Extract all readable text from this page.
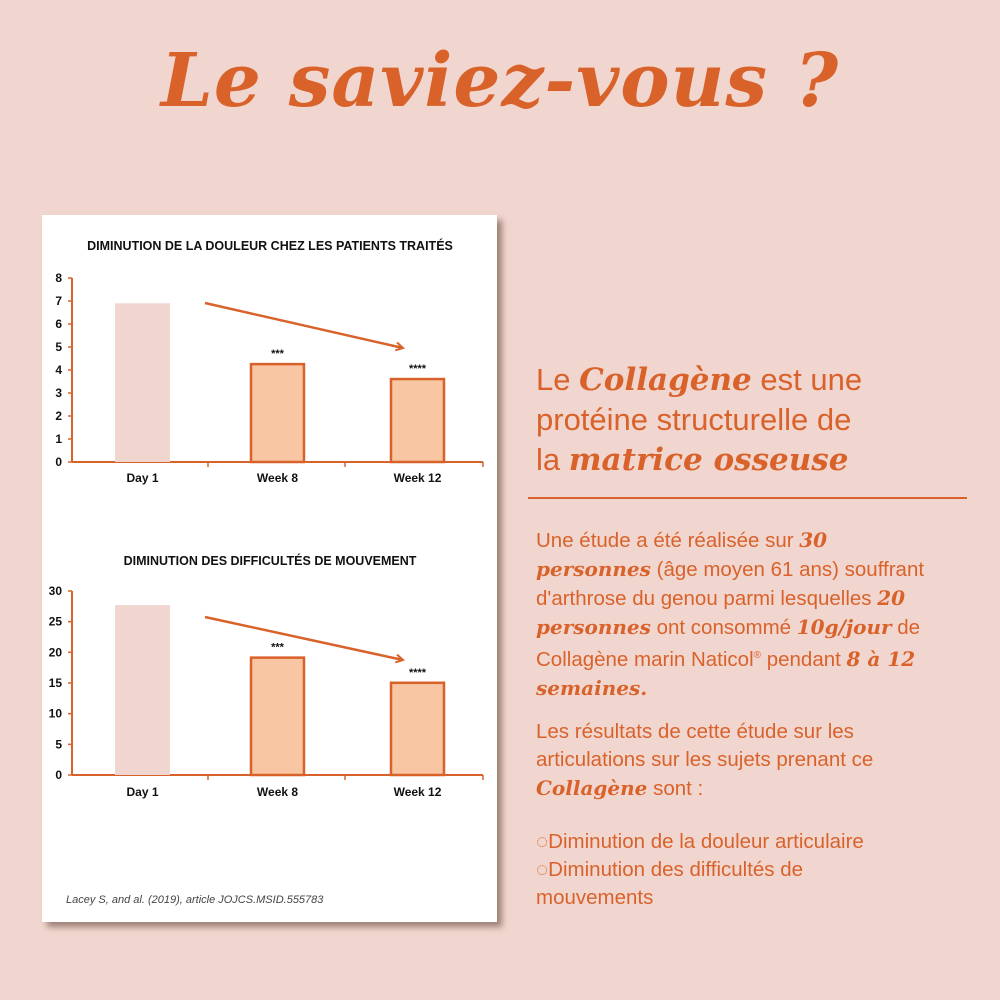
Le saviez-vous ?
DIMINUTION DE LA DOULEUR CHEZ LES PATIENTS TRAITÉS
0
1
2
3
4
5
6
7
8
Day 1
***
Week 8
****
Week 12
DIMINUTION DES DIFFICULTÉS DE MOUVEMENT
0
5
10
15
20
25
30
Day 1
***
Week 8
****
Week 12
Lacey S, and al. (2019), article JOJCS.MSID.555783
Le Collagène est une
protéine structurelle de
la matrice osseuse
Une étude a été réalisée sur 30
personnes (âge moyen 61 ans) souffrant
d'arthrose du genou parmi lesquelles 20
personnes ont consommé 10g/jour de
Collagène marin Naticol® pendant 8 à 12
semaines.
Les résultats de cette étude sur les
articulations sur les sujets prenant ce
Collagène sont :
◌Diminution de la douleur articulaire
◌Diminution des difficultés de
mouvements
